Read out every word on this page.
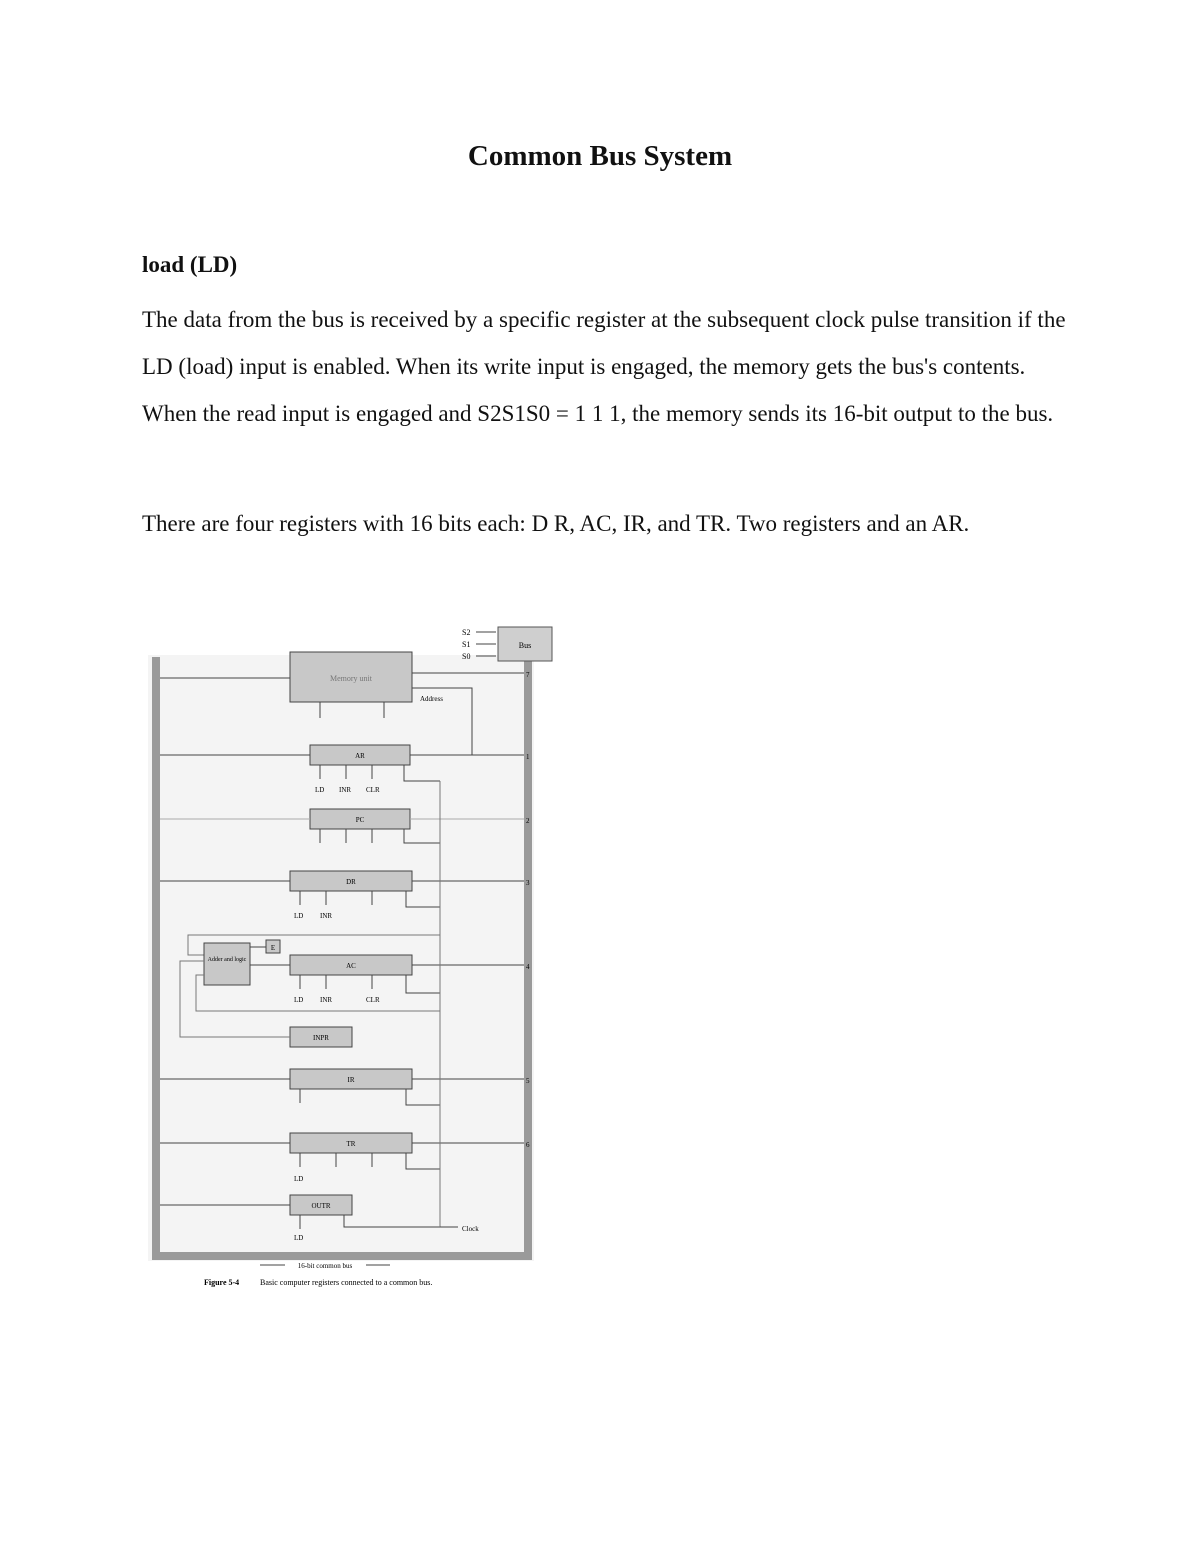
Common Bus System
load (LD)
The data from the bus is received by a specific register at the subsequent clock pulse transition if the LD (load) input is enabled. When its write input is engaged, the memory gets the bus's contents. When the read input is engaged and S2S1S0 = 1 1 1, the memory sends its 16-bit output to the bus.
There are four registers with 16 bits each: D R, AC, IR, and TR. Two registers and an AR.
Bus
S2
S1
S0
Memory unit
Address
AR
LD INR CLR
PC
DR
LD INR
Adder and logic
E
AC
LD INR	CLR
INPR
IR
TR
LD
OUTR
LD
Clock
7
1
2
3
4
5
6
16-bit common bus
Figure 5-4	Basic computer registers connected to a common bus.
